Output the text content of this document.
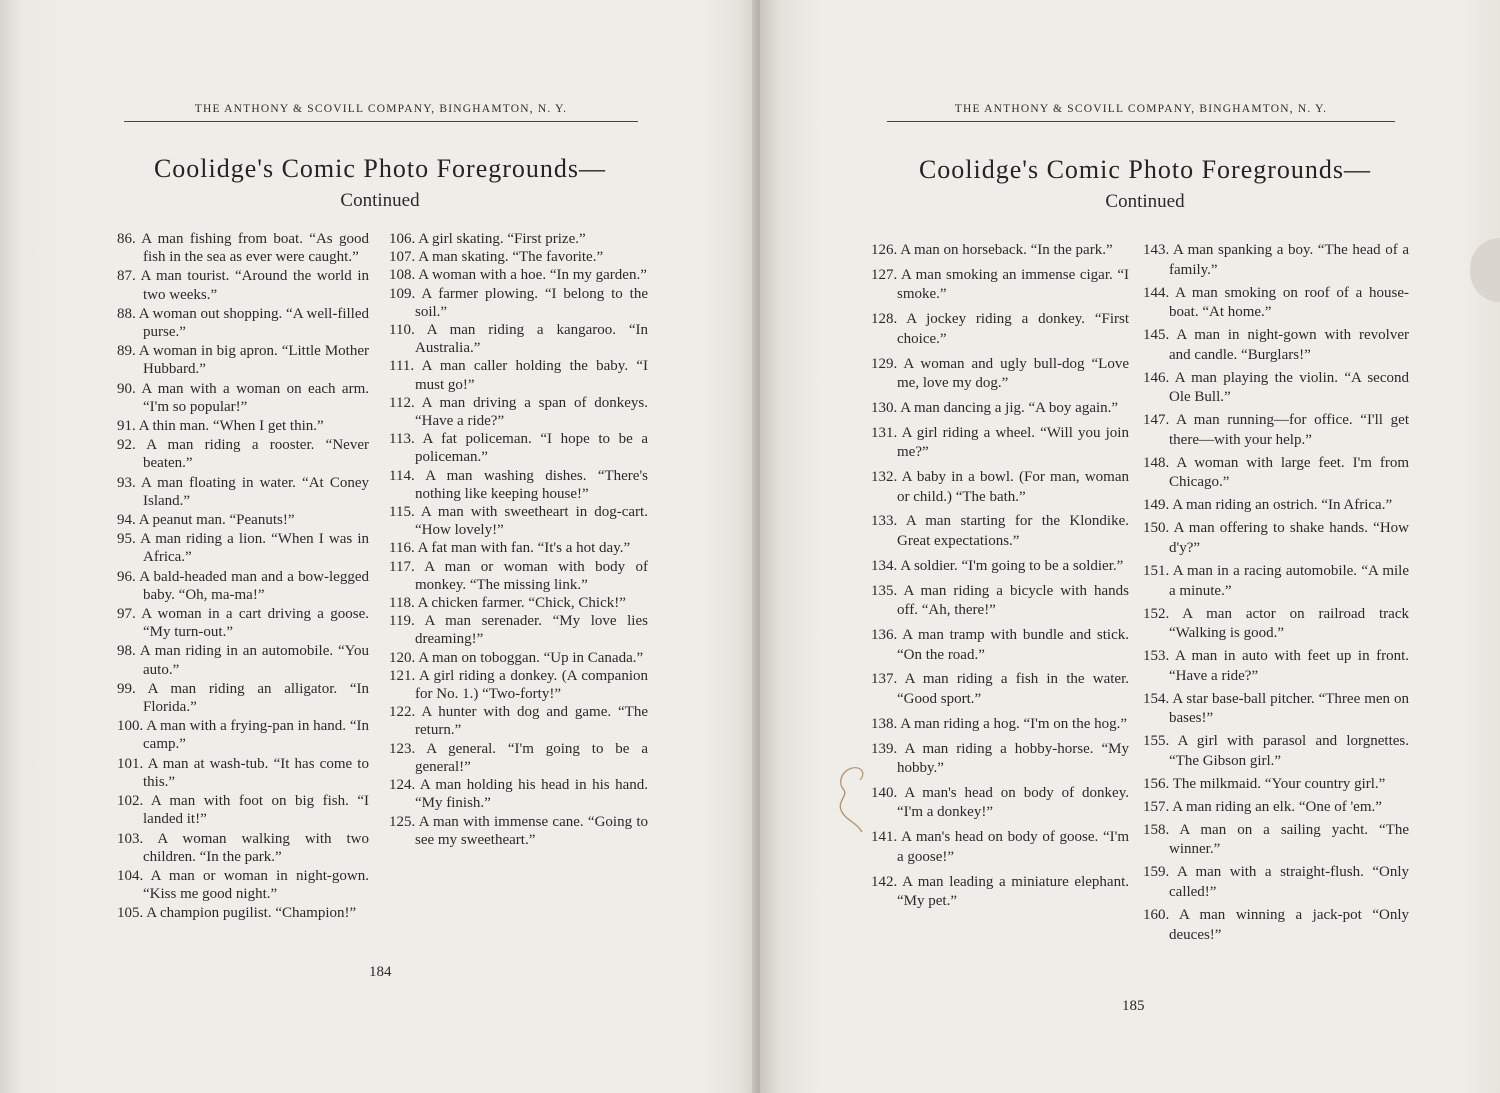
THE ANTHONY & SCOVILL COMPANY, BINGHAMTON, N. Y.
Coolidge's Comic Photo Foregrounds—
Continued

86. A man fishing from boat. “As good fish in the sea as ever were caught.”

87. A man tourist. “Around the world in two weeks.”

88. A woman out shopping. “A well-filled purse.”

89. A woman in big apron. “Little Mother Hubbard.”

90. A man with a woman on each arm. “I'm so popular!”

91. A thin man. “When I get thin.”

92. A man riding a rooster. “Never beaten.”

93. A man floating in water. “At Coney Island.”

94. A peanut man. “Peanuts!”

95. A man riding a lion. “When I was in Africa.”

96. A bald-headed man and a bow-legged baby. “Oh, ma-ma!”

97. A woman in a cart driving a goose. “My turn-out.”

98. A man riding in an automobile. “You auto.”

99. A man riding an alligator. “In Florida.”

100. A man with a frying-pan in hand. “In camp.”

101. A man at wash-tub. “It has come to this.”

102. A man with foot on big fish. “I landed it!”

103. A woman walking with two children. “In the park.”

104. A man or woman in night-gown. “Kiss me good night.”

105. A champion pugilist. “Champion!”

106. A girl skating. “First prize.”

107. A man skating. “The favorite.”

108. A woman with a hoe. “In my garden.”

109. A farmer plowing. “I belong to the soil.”

110. A man riding a kangaroo. “In Australia.”

111. A man caller holding the baby. “I must go!”

112. A man driving a span of donkeys. “Have a ride?”

113. A fat policeman. “I hope to be a policeman.”

114. A man washing dishes. “There's nothing like keeping house!”

115. A man with sweetheart in dog-cart. “How lovely!”

116. A fat man with fan. “It's a hot day.”

117. A man or woman with body of monkey. “The missing link.”

118. A chicken farmer. “Chick, Chick!”

119. A man serenader. “My love lies dreaming!”

120. A man on toboggan. “Up in Canada.”

121. A girl riding a donkey. (A companion for No. 1.) “Two-forty!”

122. A hunter with dog and game. “The return.”

123. A general. “I'm going to be a general!”

124. A man holding his head in his hand. “My finish.”

125. A man with immense cane. “Going to see my sweetheart.”

184
THE ANTHONY & SCOVILL COMPANY, BINGHAMTON, N. Y.
Coolidge's Comic Photo Foregrounds—
Continued

126. A man on horseback. “In the park.”

127. A man smoking an immense cigar. “I smoke.”

128. A jockey riding a donkey. “First choice.”

129. A woman and ugly bull-dog “Love me, love my dog.”

130. A man dancing a jig. “A boy again.”

131. A girl riding a wheel. “Will you join me?”

132. A baby in a bowl. (For man, woman or child.) “The bath.”

133. A man starting for the Klondike. Great expectations.”

134. A soldier. “I'm going to be a soldier.”

135. A man riding a bicycle with hands off. “Ah, there!”

136. A man tramp with bundle and stick. “On the road.”

137. A man riding a fish in the water. “Good sport.”

138. A man riding a hog. “I'm on the hog.”

139. A man riding a hobby-horse. “My hobby.”

140. A man's head on body of donkey. “I'm a donkey!”

141. A man's head on body of goose. “I'm a goose!”

142. A man leading a miniature elephant. “My pet.”

143. A man spanking a boy. “The head of a family.”

144. A man smoking on roof of a house-boat. “At home.”

145. A man in night-gown with revolver and candle. “Burglars!”

146. A man playing the violin. “A second Ole Bull.”

147. A man running—for office. “I'll get there—with your help.”

148. A woman with large feet. I'm from Chicago.”

149. A man riding an ostrich. “In Africa.”

150. A man offering to shake hands. “How d'y?”

151. A man in a racing automobile. “A mile a minute.”

152. A man actor on railroad track “Walking is good.”

153. A man in auto with feet up in front. “Have a ride?”

154. A star base-ball pitcher. “Three men on bases!”

155. A girl with parasol and lorgnettes. “The Gibson girl.”

156. The milkmaid. “Your country girl.”

157. A man riding an elk. “One of 'em.”

158. A man on a sailing yacht. “The winner.”

159. A man with a straight-flush. “Only called!”

160. A man winning a jack-pot “Only deuces!”

185
